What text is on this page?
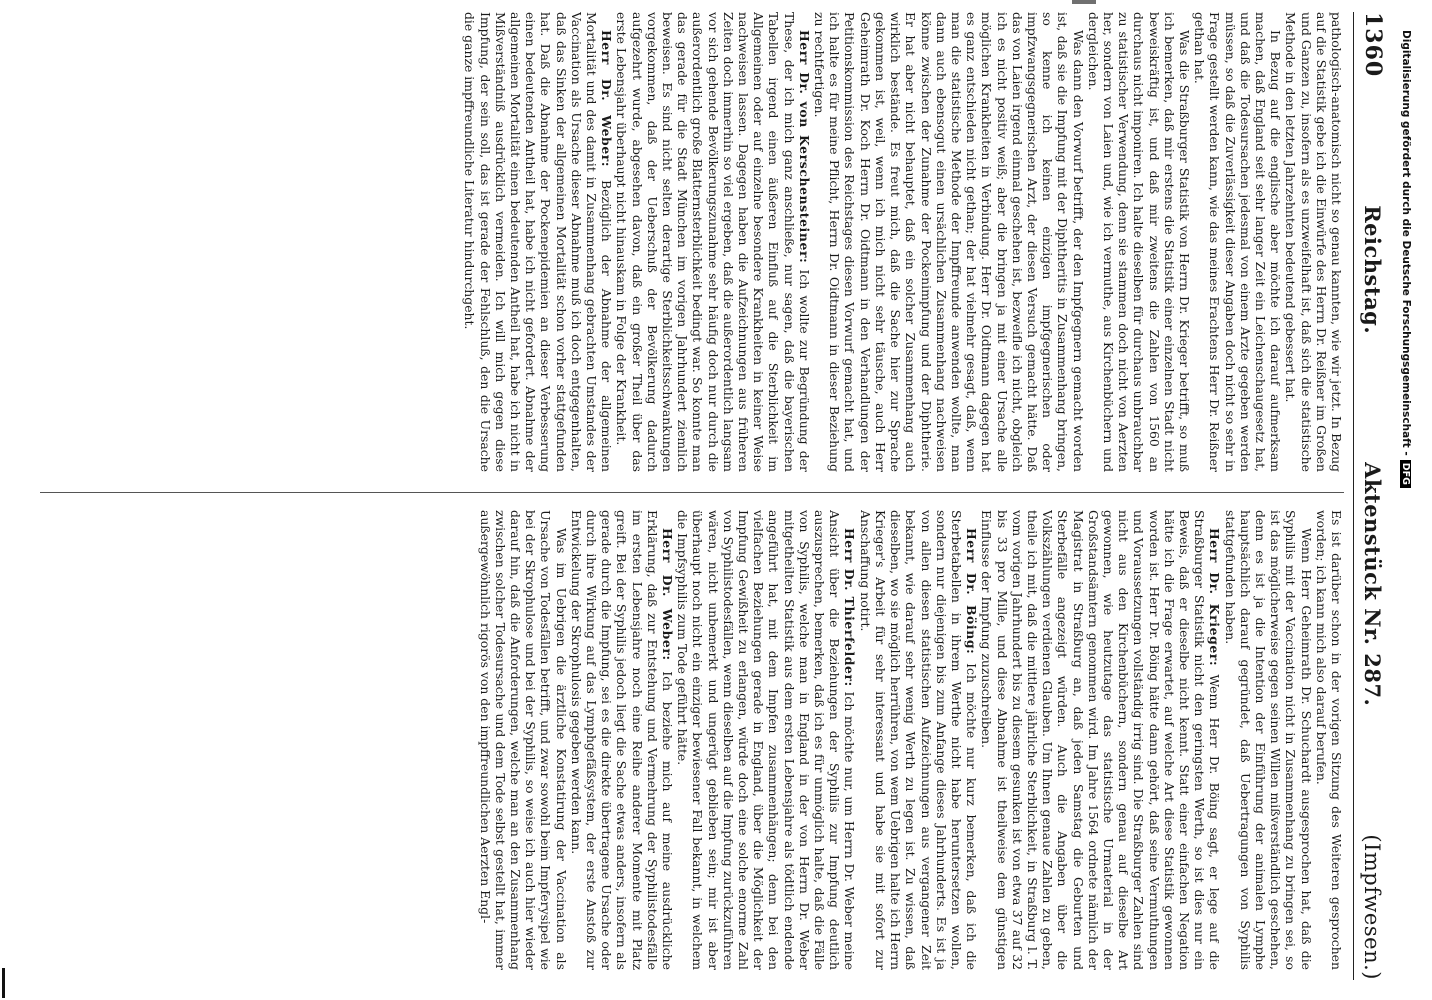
1360
Reichstag.
Aktenstück Nr. 287.
(Impfwesen.)

pathologisch-anatomisch nicht so genau kannten, wie wir jetzt. In Bezug auf die Statistik gebe ich die Einwürfe des Herrn Dr. Reißner im Großen und Ganzen zu, insofern als es unzweifelhaft ist, daß sich die statistische Methode in den letzten Jahrzehnten bedeutend gebessert hat.

In Bezug auf die englische aber möchte ich darauf aufmerksam machen, daß England seit sehr langer Zeit ein Leichenschaugesetz hat, und daß die Todesursachen jedesmal von einem Arzte gegeben werden müssen, so daß die Zuverlässigkeit dieser Angaben doch nicht so sehr in Frage gestellt werden kann, wie das meines Erachtens Herr Dr. Reißner gethan hat.

Was die Straßburger Statistik von Herrn Dr. Krieger betrifft, so muß ich bemerken, daß mir erstens die Statistik einer einzelnen Stadt nicht beweiskräftig ist, und daß mir zweitens die Zahlen von 1560 an durchaus nicht imponiren. Ich halte dieselben für durchaus unbrauchbar zu statistischer Verwendung, denn sie stammen doch nicht von Aerzten her, sondern von Laien und, wie ich vermuthe, aus Kirchenbüchern und dergleichen.

Was dann den Vorwurf betrifft, der den Impfgegnern gemacht worden ist, daß sie die Impfung mit der Diphtheritis in Zusammenhang bringen, so kenne ich keinen einzigen impfgegnerischen oder impfzwangsgegnerischen Arzt, der diesen Versuch gemacht hätte. Daß das von Laien irgend einmal geschehen ist, bezweifle ich nicht, obgleich ich es nicht positiv weiß; aber die bringen ja mit einer Ursache alle möglichen Krankheiten in Verbindung. Herr Dr. Oidtmann dagegen hat es ganz entschieden nicht gethan; der hat vielmehr gesagt, daß, wenn man die statistische Methode der Impffreunde anwenden wollte, man dann auch ebensogut einen ursächlichen Zusammenhang nachweisen könne zwischen der Zunahme der Pockenimpfung und der Diphtherie. Er hat aber nicht behauptet, daß ein solcher Zusammenhang auch wirklich bestände. Es freut mich, daß die Sache hier zur Sprache gekommen ist, weil, wenn ich mich nicht sehr täusche, auch Herr Geheimrath Dr. Koch Herrn Dr. Oidtmann in den Verhandlungen der Petitionskommission des Reichstages diesen Vorwurf gemacht hat, und ich halte es für meine Pflicht, Herrn Dr. Oidtmann in dieser Beziehung zu rechtfertigen.

Herr Dr. von Kerschensteiner: Ich wollte zur Begründung der These, der ich mich ganz anschließe, nur sagen, daß die bayerischen Tabellen irgend einen äußeren Einfluß auf die Sterblichkeit im Allgemeinen oder auf einzelne besondere Krankheiten in keiner Weise nachweisen lassen. Dagegen haben die Aufzeichnungen aus früheren Zeiten doch immerhin so viel ergeben, daß die außerordentlich langsam vor sich gehende Bevölkerungszunahme sehr häufig doch nur durch die außerordentlich große Blatternsterblichkeit bedingt war. So konnte man das gerade für die Stadt München im vorigen Jahrhundert ziemlich beweisen. Es sind nicht selten derartige Sterblichkeitsschwankungen vorgekommen, daß der Ueberschuß der Bevölkerung dadurch aufgezehrt wurde, abgesehen davon, daß ein großer Theil über das erste Lebensjahr überhaupt nicht hinauskam in Folge der Krankheit.

Herr Dr. Weber: Bezüglich der Abnahme der allgemeinen Mortalität und des damit in Zusammenhang gebrachten Umstandes der Vaccination als Ursache dieser Abnahme muß ich doch entgegenhalten, daß das Sinken der allgemeinen Mortalität schon vorher stattgefunden hat. Daß die Abnahme der Pockenepidemien an dieser Verbesserung einen bedeutenden Antheil hat, habe ich nicht gefordert. Abnahme der allgemeinen Mortalität einen bedeutenden Antheil hat, habe ich nicht in Mißverständniß ausdrücklich vermeiden. Ich will mich gegen diese Impfung, der sein soll, das ist gerade der Fehlschluß, den die Ursache die ganze impffreundliche Literatur hindurchgeht.

Es ist darüber schon in der vorigen Sitzung des Weiteren gesprochen worden; ich kann mich also darauf berufen.

Wenn Herr Geheimrath Dr. Schuchardt ausgesprochen hat, daß die Syphilis mit der Vaccination nicht in Zusammenhang zu bringen sei, so ist das möglicherweise gegen seinen Willen mißverständlich geschehen, denn es ist ja die Intention der Einführung der animalen Lymphe hauptsächlich darauf gegründet, daß Uebertragungen von Syphilis stattgefunden haben.

Herr Dr. Krieger: Wenn Herr Dr. Böing sagt, er lege auf die Straßburger Statistik nicht den geringsten Werth, so ist dies nur ein Beweis, daß er dieselbe nicht kennt. Statt einer einfachen Negation hätte ich die Frage erwartet, auf welche Art diese Statistik gewonnen worden ist. Herr Dr. Böing hätte dann gehört, daß seine Vermuthungen und Voraussetzungen vollständig irrig sind. Die Straßburger Zahlen sind nicht aus den Kirchenbüchern, sondern genau auf dieselbe Art gewonnen, wie heutzutage das statistische Urmaterial in der Großstandsämtern genommen wird. Im Jahre 1564 ordnete nämlich der Magistrat in Straßburg an, daß jeden Samstag die Geburten und Sterbefälle angezeigt würden. Auch die Angaben über die Volkszählungen verdienen Glauben. Um Ihnen genaue Zahlen zu geben, theile ich mit, daß die mittlere jährliche Sterblichkeit, in Straßburg l. T. vom vorigen Jahrhundert bis zu diesem gesunken ist von etwa 37 auf 32 bis 33 pro Mille, und diese Abnahme ist theilweise dem günstigen Einflusse der Impfung zuzuschreiben.

Herr Dr. Böing: Ich möchte nur kurz bemerken, daß ich die Sterbetabellen in ihrem Werthe nicht habe heruntersetzen wollen, sondern nur diejenigen bis zum Anfange dieses Jahrhunderts. Es ist ja von allen diesen statistischen Aufzeichnungen aus vergangener Zeit bekannt, wie darauf sehr wenig Werth zu legen ist. Zu wissen, daß dieselben, wo sie möglich herrühren, von wem Uebrigen halte ich Herrn Krieger's Arbeit für sehr interessant und habe sie mit sofort zur Anschaffung notirt.

Herr Dr. Thierfelder: Ich möchte nur, um Herrn Dr. Weber meine Ansicht über die Beziehungen der Syphilis zur Impfung deutlich auszusprechen, bemerken, daß ich es für unmöglich halte, daß die Fälle von Syphilis, welche man in England in der von Herrn Dr. Weber mitgetheilten Statistik aus dem ersten Lebensjahre als tödtlich endende angeführt hat, mit dem Impfen zusammenhängen; denn bei den vielfachen Beziehungen gerade in England, über die Möglichkeit der Impfung Gewißheit zu erlangen, würde doch eine solche enorme Zahl von Syphilistodesfällen, wenn dieselben auf die Impfung zurückzuführen wären, nicht unbemerkt und ungerügt geblieben sein; mir ist aber überhaupt noch nicht ein einziger bewiesener Fall bekannt, in welchem die Impfsyphilis zum Tode geführt hätte.

Herr Dr. Weber: Ich beziehe mich auf meine ausdrückliche Erklärung, daß zur Entstehung und Vermehrung der Syphilistodesfälle im ersten Lebensjahre noch eine Reihe anderer Momente mit Platz greift. Bei der Syphilis jedoch liegt die Sache etwas anders, insofern als gerade durch die Impfung, sei es die direkte übertragene Ursache oder durch ihre Wirkung auf das Lymphgefäßsystem, der erste Anstoß zur Entwickelung der Skrophulosis gegeben werden kann.

Was im Uebrigen die ärztliche Konstatirung der Vaccination als Ursache von Todesfällen betrifft, und zwar sowohl beim Impferysipel wie bei der Skrophulose und bei der Syphilis, so weise ich auch hier wieder darauf hin, daß die Anforderungen, welche man an den Zusammenhang zwischen solcher Todesursache und dem Tode selbst gestellt hat, immer außergewöhnlich rigorös von den impffreundlichen Aerzten Engl-

Digitalisierung gefördert durch die Deutsche Forschungsgemeinschaft -DFG
